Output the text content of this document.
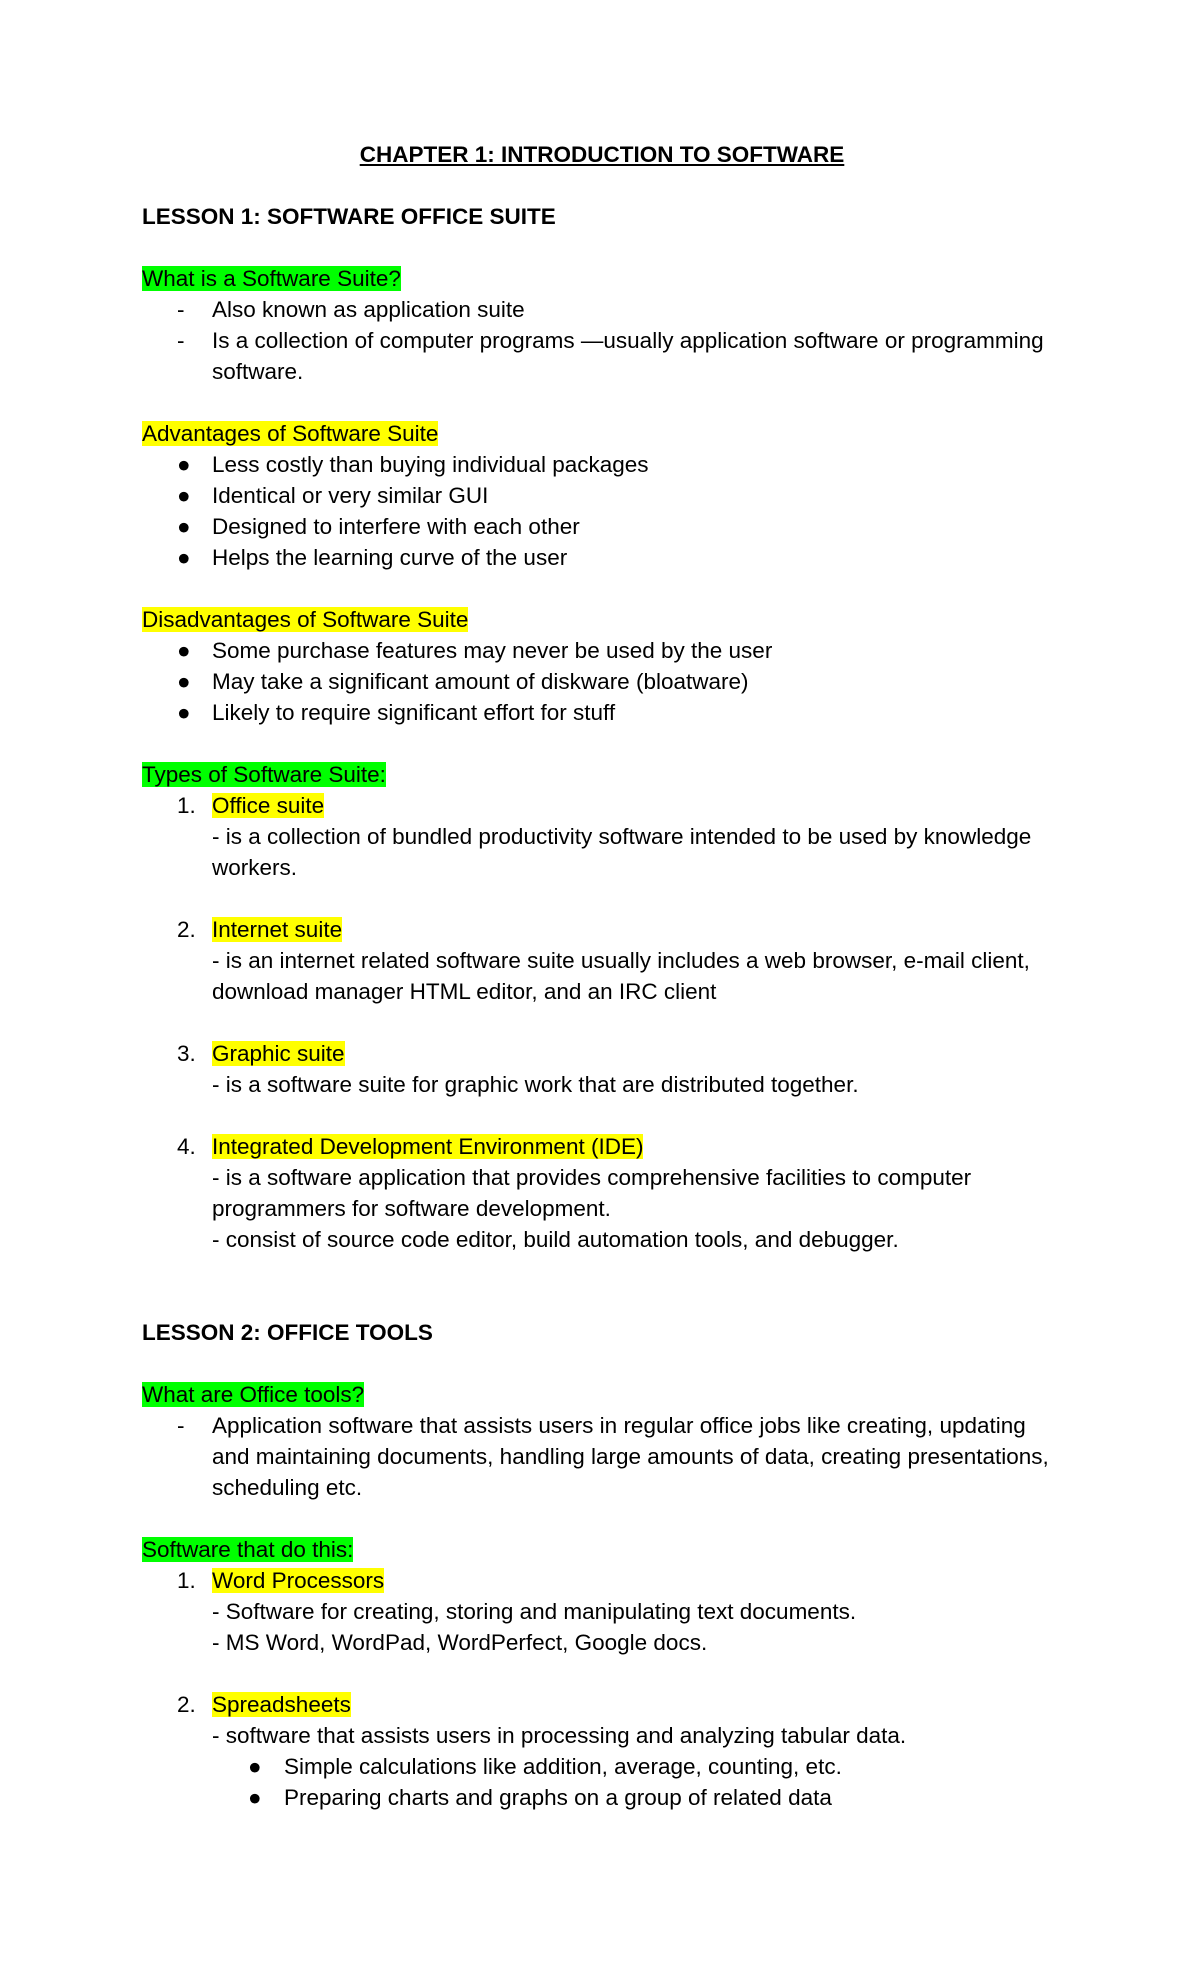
CHAPTER 1: INTRODUCTION TO SOFTWARE

LESSON 1: SOFTWARE OFFICE SUITE

What is a Software Suite?

- Also known as application suite
- Is a collection of computer programs —usually application software or programming software.

Advantages of Software Suite

● Less costly than buying individual packages
● Identical or very similar GUI
● Designed to interfere with each other
● Helps the learning curve of the user

Disadvantages of Software Suite

● Some purchase features may never be used by the user
● May take a significant amount of diskware (bloatware)
● Likely to require significant effort for stuff

Types of Software Suite:

1. Office suite
- is a collection of bundled productivity software intended to be used by knowledge workers.
2. Internet suite
- is an internet related software suite usually includes a web browser, e-mail client, download manager HTML editor, and an IRC client
3. Graphic suite
- is a software suite for graphic work that are distributed together.
4. Integrated Development Environment (IDE)
- is a software application that provides comprehensive facilities to computer programmers for software development.
- consist of source code editor, build automation tools, and debugger.

LESSON 2: OFFICE TOOLS

What are Office tools?

- Application software that assists users in regular office jobs like creating, updating and maintaining documents, handling large amounts of data, creating presentations, scheduling etc.

Software that do this:

1. Word Processors
- Software for creating, storing and manipulating text documents.
- MS Word, WordPad, WordPerfect, Google docs.
2. Spreadsheets
- software that assists users in processing and analyzing tabular data.
● Simple calculations like addition, average, counting, etc.
● Preparing charts and graphs on a group of related data
